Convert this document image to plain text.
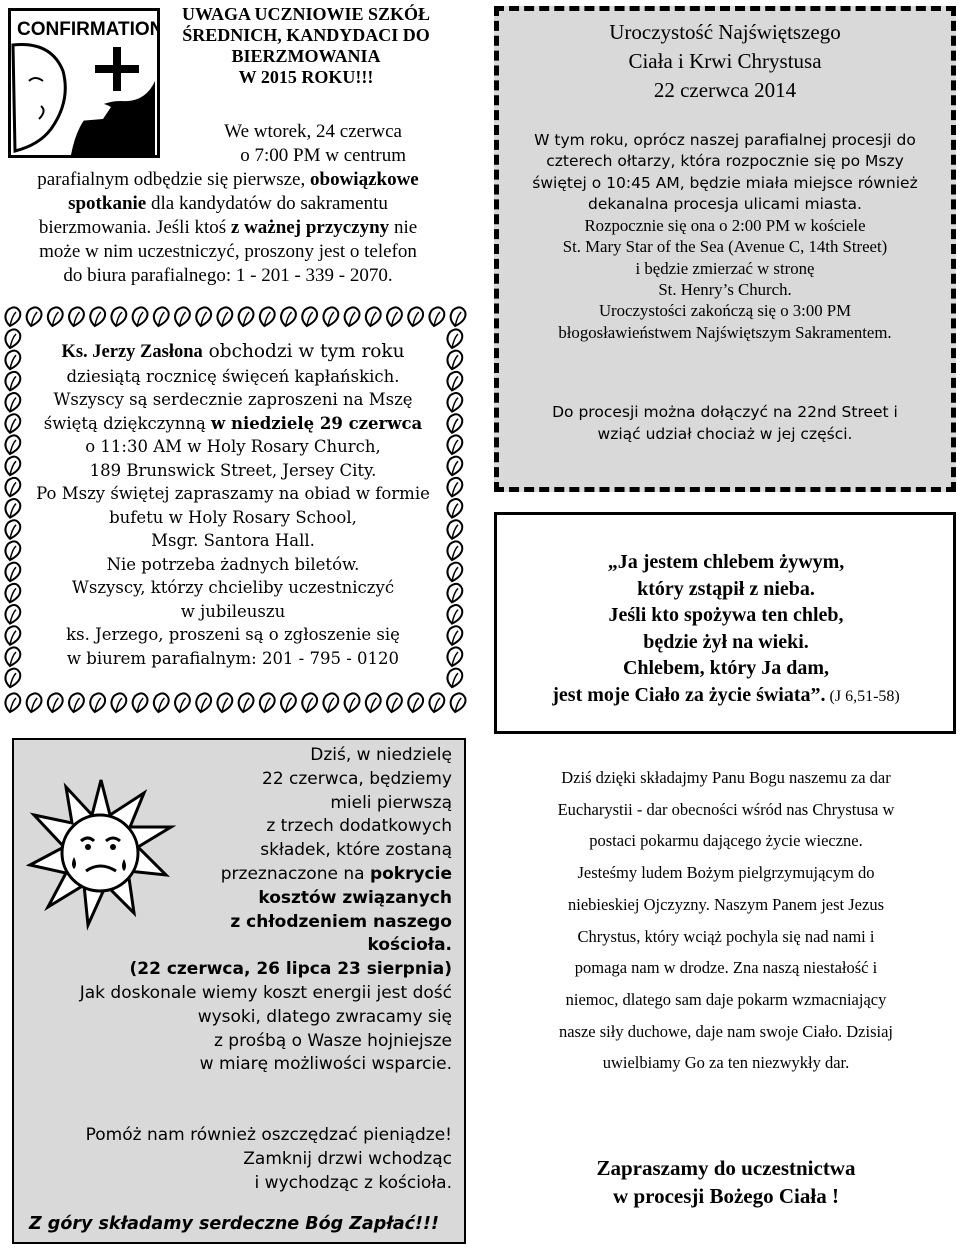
CONFIRMATION
UWAGA UCZNIOWIE SZKÓŁ
ŚREDNICH, KANDYDACI DO
BIERZMOWANIA
W 2015 ROKU!!!
We wtorek, 24 czerwca
o 7:00 PM w centrum
parafialnym odbędzie się pierwsze, obowiązkowe
spotkanie dla kandydatów do sakramentu
bierzmowania. Jeśli ktoś z ważnej przyczyny nie
może w nim uczestniczyć, proszony jest o telefon
do biura parafialnego: 1 - 201 - 339 - 2070.
Ks. Jerzy Zasłona obchodzi w tym roku
dziesiątą rocznicę święceń kapłańskich.
Wszyscy są serdecznie zaproszeni na Mszę
świętą dziękczynną w niedzielę 29 czerwca
o 11:30 AM w Holy Rosary Church,
189 Brunswick Street, Jersey City.
Po Mszy świętej zapraszamy na obiad w formie
bufetu w Holy Rosary School,
Msgr. Santora Hall.
Nie potrzeba żadnych biletów.
Wszyscy, którzy chcieliby uczestniczyć
w jubileuszu
ks. Jerzego, proszeni są o zgłoszenie się
w biurem parafialnym: 201 - 795 - 0120
Uroczystość Najświętszego
Ciała i Krwi Chrystusa
22 czerwca 2014
W tym roku, oprócz naszej parafialnej procesji do
czterech ołtarzy, która rozpocznie się po Mszy
świętej o 10:45 AM, będzie miała miejsce również
dekanalna procesja ulicami miasta.
Rozpocznie się ona o 2:00 PM w kościele
St. Mary Star of the Sea (Avenue C, 14th Street)
i będzie zmierzać w stronę
St. Henry’s Church.
Uroczystości zakończą się o 3:00 PM
błogosławieństwem Najświętszym Sakramentem.
Do procesji można dołączyć na 22nd Street i
wziąć udział chociaż w jej części.
„Ja jestem chlebem żywym,
który zstąpił z nieba.
Jeśli kto spożywa ten chleb,
będzie żył na wieki.
Chlebem, który Ja dam,
jest moje Ciało za życie świata”. (J 6,51-58)
Dziś, w niedzielę
22 czerwca, będziemy
mieli pierwszą
z trzech dodatkowych
składek, które zostaną
przeznaczone na pokrycie
kosztów związanych
z chłodzeniem naszego
kościoła.
(22 czerwca, 26 lipca 23 sierpnia)
Jak doskonale wiemy koszt energii jest dość
wysoki, dlatego zwracamy się
z prośbą o Wasze hojniejsze
w miarę możliwości wsparcie.
Pomóż nam również oszczędzać pieniądze!
Zamknij drzwi wchodząc
i wychodząc z kościoła.
Z góry składamy serdeczne Bóg Zapłać!!!
Dziś dzięki składajmy Panu Bogu naszemu za dar
Eucharystii - dar obecności wśród nas Chrystusa w
postaci pokarmu dającego życie wieczne.
Jesteśmy ludem Bożym pielgrzymującym do
niebieskiej Ojczyzny. Naszym Panem jest Jezus
Chrystus, który wciąż pochyla się nad nami i
pomaga nam w drodze. Zna naszą niestałość i
niemoc, dlatego sam daje pokarm wzmacniający
nasze siły duchowe, daje nam swoje Ciało. Dzisiaj
uwielbiamy Go za ten niezwykły dar.
Zapraszamy do uczestnictwa
w procesji Bożego Ciała !
